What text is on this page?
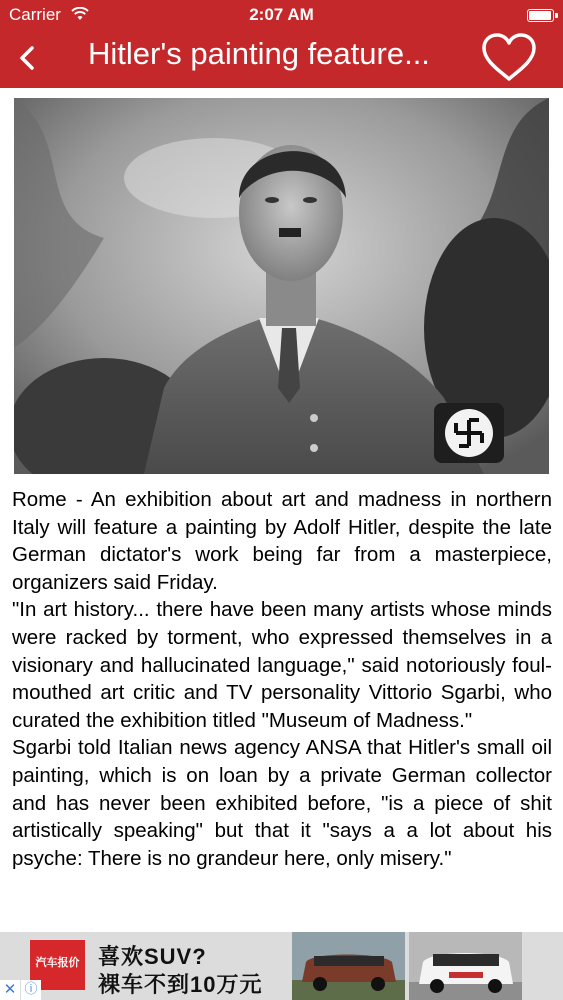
Carrier	2:07 AM
Hitler's painting feature...

Rome - An exhibition about art and madness in northern Italy will feature a painting by Adolf Hitler, despite the late German dictator's work being far from a masterpiece, organizers said Friday.

"In art history... there have been many artists whose minds were racked by torment, who expressed themselves in a visionary and hallucinated language," said notoriously foul-mouthed art critic and TV personality Vittorio Sgarbi, who curated the exhibition titled "Museum of Madness."

Sgarbi told Italian news agency ANSA that Hitler's small oil painting, which is on loan by a private German collector and has never been exhibited before, "is a piece of shit artistically speaking" but that it "says a a lot about his psyche: There is no grandeur here, only misery."

汽车报价 喜欢SUV?
裸车不到10万元
✕ ⓘ
